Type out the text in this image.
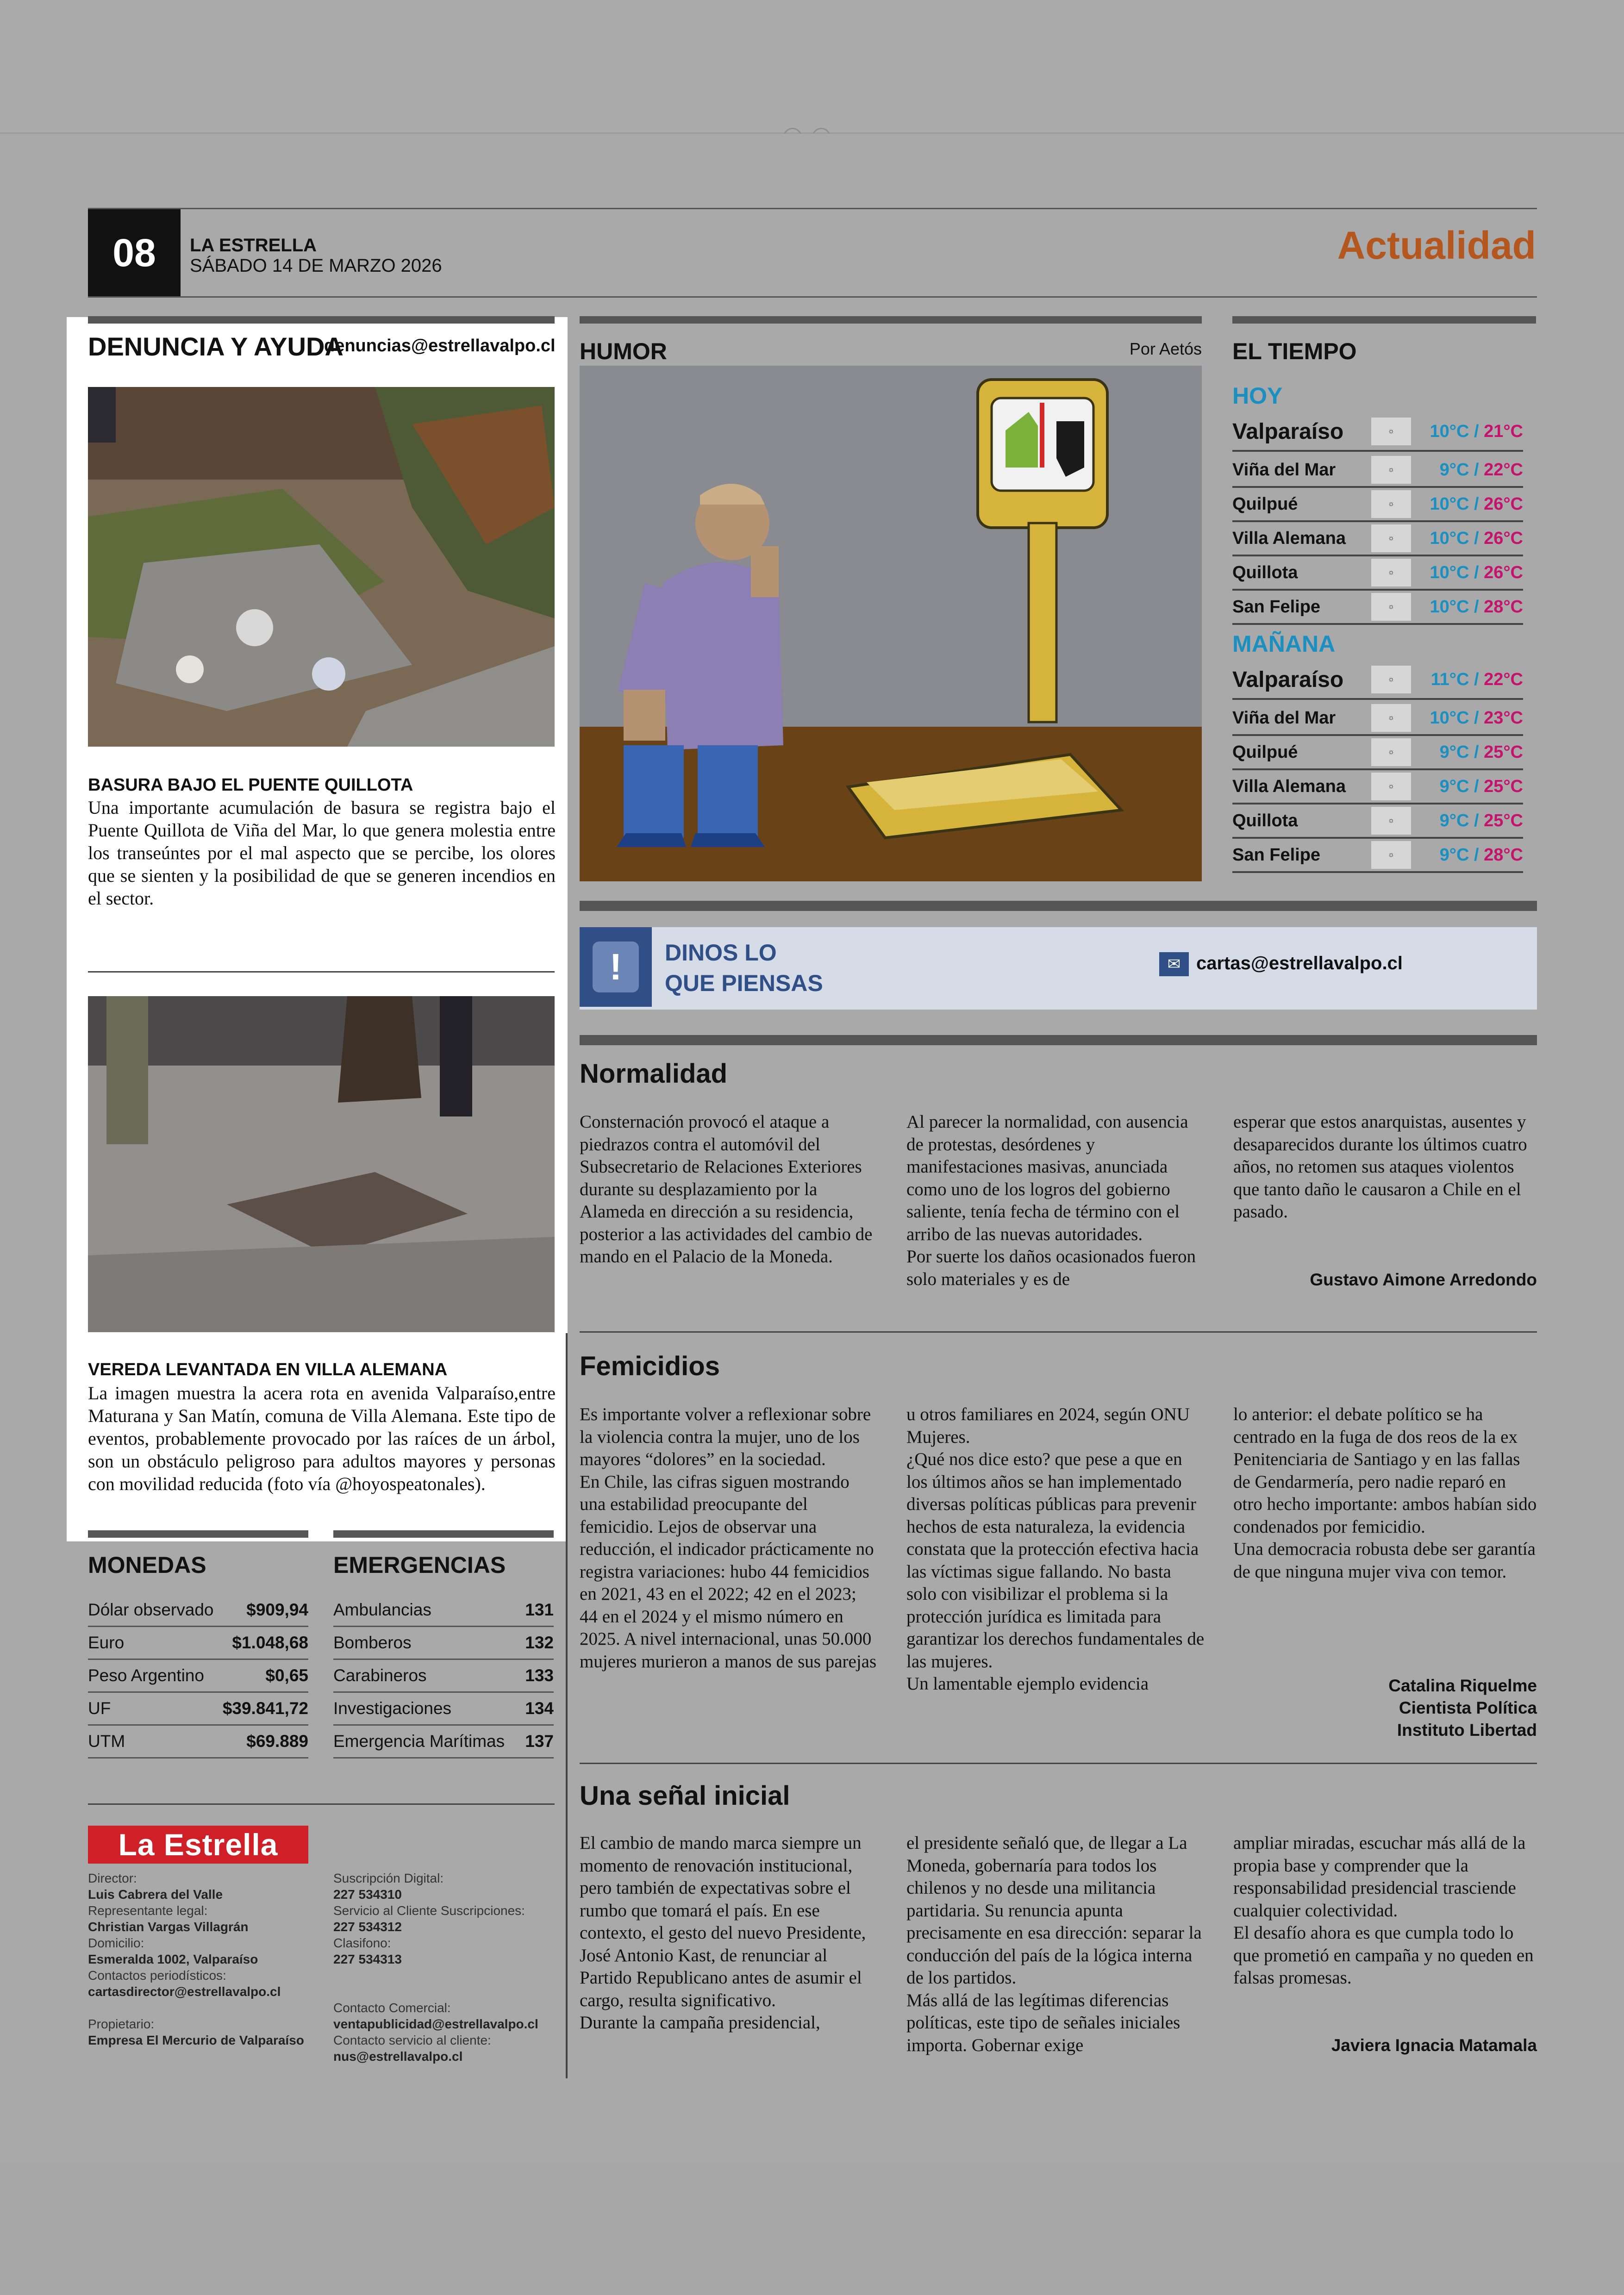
08	LA ESTRELLA
SÁBADO 14 DE MARZO 2026	Actualidad
DENUNCIA Y AYUDA
denuncias@estrellavalpo.cl
BASURA BAJO EL PUENTE QUILLOTA
Una importante acumulación de basura se registra bajo el Puente Quillota de Viña del Mar, lo que genera molestia entre los transeúntes por el mal aspecto que se percibe, los olores que se sienten y la posibilidad de que se generen incendios en el sector.
VEREDA LEVANTADA EN VILLA ALEMANA
La imagen muestra la acera rota en avenida Valparaíso,entre Maturana y San Matín, comuna de Villa Alemana. Este tipo de eventos, probablemente provocado por las raíces de un árbol, son un obstáculo peligroso para adultos mayores y personas con movilidad reducida (foto vía @hoyospeatonales).
MONEDAS	EMERGENCIAS
Dólar observado $909,94
Euro	$1.048,68
Peso Argentino	$0,65
UF	$39.841,72
UTM	$69.889
Ambulancias	131
Bomberos	132
Carabineros	133
Investigaciones	134
Emergencia Marítimas 137
La Estrella
Director:
Luis Cabrera del Valle
Representante legal:
Christian Vargas Villagrán
Domicilio:
Esmeralda 1002, Valparaíso
Contactos periodísticos:
cartasdirector@estrellavalpo.cl
Propietario:
Empresa El Mercurio de Valparaíso
Suscripción Digital:
227 534310
Servicio al Cliente Suscripciones:
227 534312
Clasifono:
227 534313
Contacto Comercial:
ventapublicidad@estrellavalpo.cl
Contacto servicio al cliente:
nus@estrellavalpo.cl
HUMOR	Por Aetós EL TIEMPO
HOY
Valparaíso	☼	10°C / 21°C
Viña del Mar	☼	9°C / 22°C
Quilpué	☼	10°C / 26°C
Villa Alemana	☼	10°C / 26°C
Quillota	☼	10°C / 26°C
San Felipe	☼	10°C / 28°C
MAÑANA
Valparaíso	☼	11°C / 22°C
Viña del Mar	☼	10°C / 23°C
Quilpué	☼	9°C / 25°C
Villa Alemana	☼	9°C / 25°C
Quillota	☼	9°C / 25°C
San Felipe	☼	9°C / 28°C
!	DINOS LO
QUE PIENSAS
✉ cartas@estrellavalpo.cl
Normalidad
Consternación provocó el ataque a piedrazos contra el automóvil del Subsecretario de Relaciones Exteriores durante su desplazamiento por la Alameda en dirección a su residencia, posterior a las actividades del cambio de mando en el Palacio de la Moneda.
Al parecer la normalidad, con ausencia de protestas, desórdenes y manifestaciones masivas, anunciada como uno de los logros del gobierno saliente, tenía fecha de término con el arribo de las nuevas autoridades.
Por suerte los daños ocasionados fueron solo materiales y es de
esperar que estos anarquistas, ausentes y desaparecidos durante los últimos cuatro años, no retomen sus ataques violentos que tanto daño le causaron a Chile en el pasado.
Gustavo Aimone Arredondo
Femicidios
Es importante volver a reflexionar sobre la violencia contra la mujer, uno de los mayores “dolores” en la sociedad.
En Chile, las cifras siguen mostrando una estabilidad preocupante del femicidio. Lejos de observar una reducción, el indicador prácticamente no registra variaciones: hubo 44 femicidios en 2021, 43 en el 2022; 42 en el 2023; 44 en el 2024 y el mismo número en 2025. A nivel internacional, unas 50.000 mujeres murieron a manos de sus parejas
u otros familiares en 2024, según ONU Mujeres.
¿Qué nos dice esto? que pese a que en los últimos años se han implementado diversas políticas públicas para prevenir hechos de esta naturaleza, la evidencia constata que la protección efectiva hacia las víctimas sigue fallando. No basta solo con visibilizar el problema si la protección jurídica es limitada para garantizar los derechos fundamentales de las mujeres.
Un lamentable ejemplo evidencia
lo anterior: el debate político se ha centrado en la fuga de dos reos de la ex Penitenciaria de Santiago y en las fallas de Gendarmería, pero nadie reparó en otro hecho importante: ambos habían sido condenados por femicidio.
Una democracia robusta debe ser garantía de que ninguna mujer viva con temor.
Catalina Riquelme
Cientista Política
Instituto Libertad
Una señal inicial
El cambio de mando marca siempre un momento de renovación institucional, pero también de expectativas sobre el rumbo que tomará el país. En ese contexto, el gesto del nuevo Presidente, José Antonio Kast, de renunciar al Partido Republicano antes de asumir el cargo, resulta significativo.
Durante la campaña presidencial,
el presidente señaló que, de llegar a La Moneda, gobernaría para todos los chilenos y no desde una militancia partidaria. Su renuncia apunta precisamente en esa dirección: separar la conducción del país de la lógica interna de los partidos.
Más allá de las legítimas diferencias políticas, este tipo de señales iniciales importa. Gobernar exige
ampliar miradas, escuchar más allá de la propia base y comprender que la responsabilidad presidencial trasciende cualquier colectividad.
El desafío ahora es que cumpla todo lo que prometió en campaña y no queden en falsas promesas.
Javiera Ignacia Matamala
